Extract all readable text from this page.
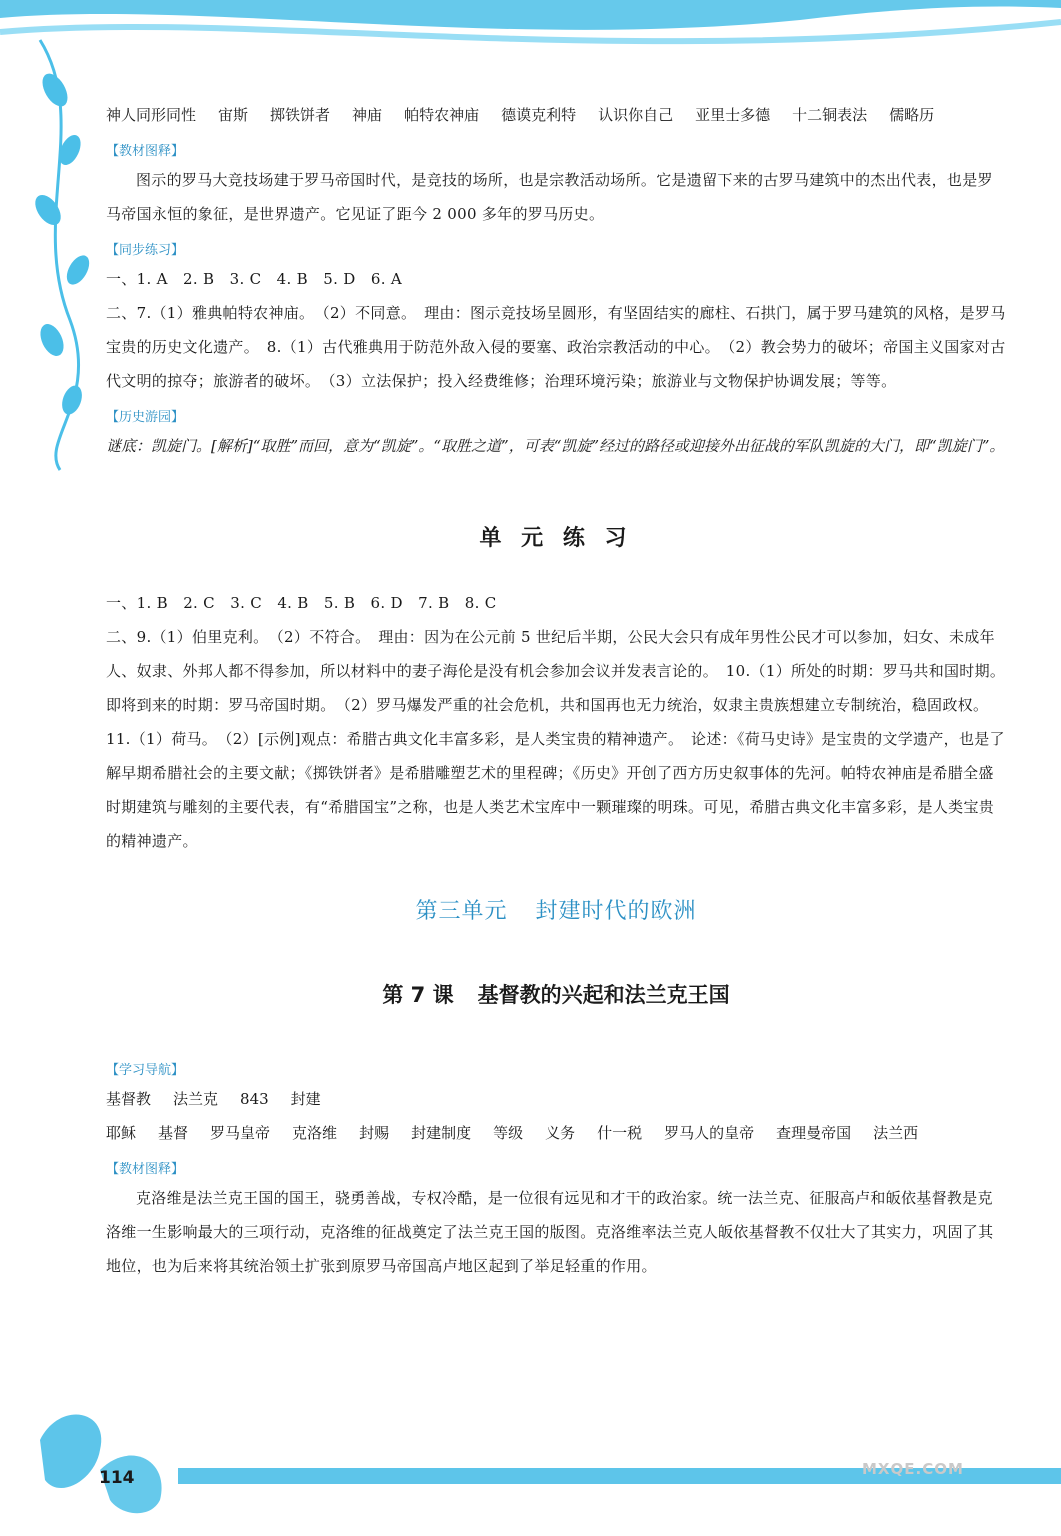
神人同形同性 宙斯 掷铁饼者 神庙 帕特农神庙 德谟克利特 认识你自己 亚里士多德 十二铜表法 儒略历
【教材图释】

图示的罗马大竞技场建于罗马帝国时代，是竞技的场所，也是宗教活动场所。它是遗留下来的古罗马建筑中的杰出代表，也是罗马帝国永恒的象征，是世界遗产。它见证了距今 2 000 多年的罗马历史。

【同步练习】

一、1. A　2. B　3. C　4. B　5. D　6. A

二、7.（1）雅典帕特农神庙。　（2）不同意。　理由：图示竞技场呈圆形，有坚固结实的廊柱、石拱门，属于罗马建筑的风格，是罗马宝贵的历史文化遗产。　8.（1）古代雅典用于防范外敌入侵的要塞、政治宗教活动的中心。　（2）教会势力的破坏；帝国主义国家对古代文明的掠夺；旅游者的破坏。　（3）立法保护；投入经费维修；治理环境污染；旅游业与文物保护协调发展；等等。

【历史游园】

谜底：凯旋门。[解析]“取胜”而回，意为“凯旋”。“取胜之道”，可表“凯旋”经过的路径或迎接外出征战的军队凯旋的大门，即“凯旋门”。

单 元 练 习

一、1. B　2. C　3. C　4. B　5. B　6. D　7. B　8. C

二、9.（1）伯里克利。　（2）不符合。　理由：因为在公元前 5 世纪后半期，公民大会只有成年男性公民才可以参加，妇女、未成年人、奴隶、外邦人都不得参加，所以材料中的妻子海伦是没有机会参加会议并发表言论的。　10.（1）所处的时期：罗马共和国时期。　即将到来的时期：罗马帝国时期。　（2）罗马爆发严重的社会危机，共和国再也无力统治，奴隶主贵族想建立专制统治，稳固政权。　11.（1）荷马。　（2）[示例]观点：希腊古典文化丰富多彩，是人类宝贵的精神遗产。　论述：《荷马史诗》是宝贵的文学遗产，也是了解早期希腊社会的主要文献；《掷铁饼者》是希腊雕塑艺术的里程碑；《历史》开创了西方历史叙事体的先河。帕特农神庙是希腊全盛时期建筑与雕刻的主要代表，有“希腊国宝”之称，也是人类艺术宝库中一颗璀璨的明珠。可见，希腊古典文化丰富多彩，是人类宝贵的精神遗产。

第三单元 封建时代的欧洲
第 7 课 基督教的兴起和法兰克王国
【学习导航】
基督教 法兰克 843 封建
耶稣 基督 罗马皇帝 克洛维 封赐 封建制度 等级 义务 什一税 罗马人的皇帝 查理曼帝国 法兰西
【教材图释】

克洛维是法兰克王国的国王，骁勇善战，专权冷酷，是一位很有远见和才干的政治家。统一法兰克、征服高卢和皈依基督教是克洛维一生影响最大的三项行动，克洛维的征战奠定了法兰克王国的版图。克洛维率法兰克人皈依基督教不仅壮大了其实力，巩固了其地位，也为后来将其统治领土扩张到原罗马帝国高卢地区起到了举足轻重的作用。

114	MXQE.COM
